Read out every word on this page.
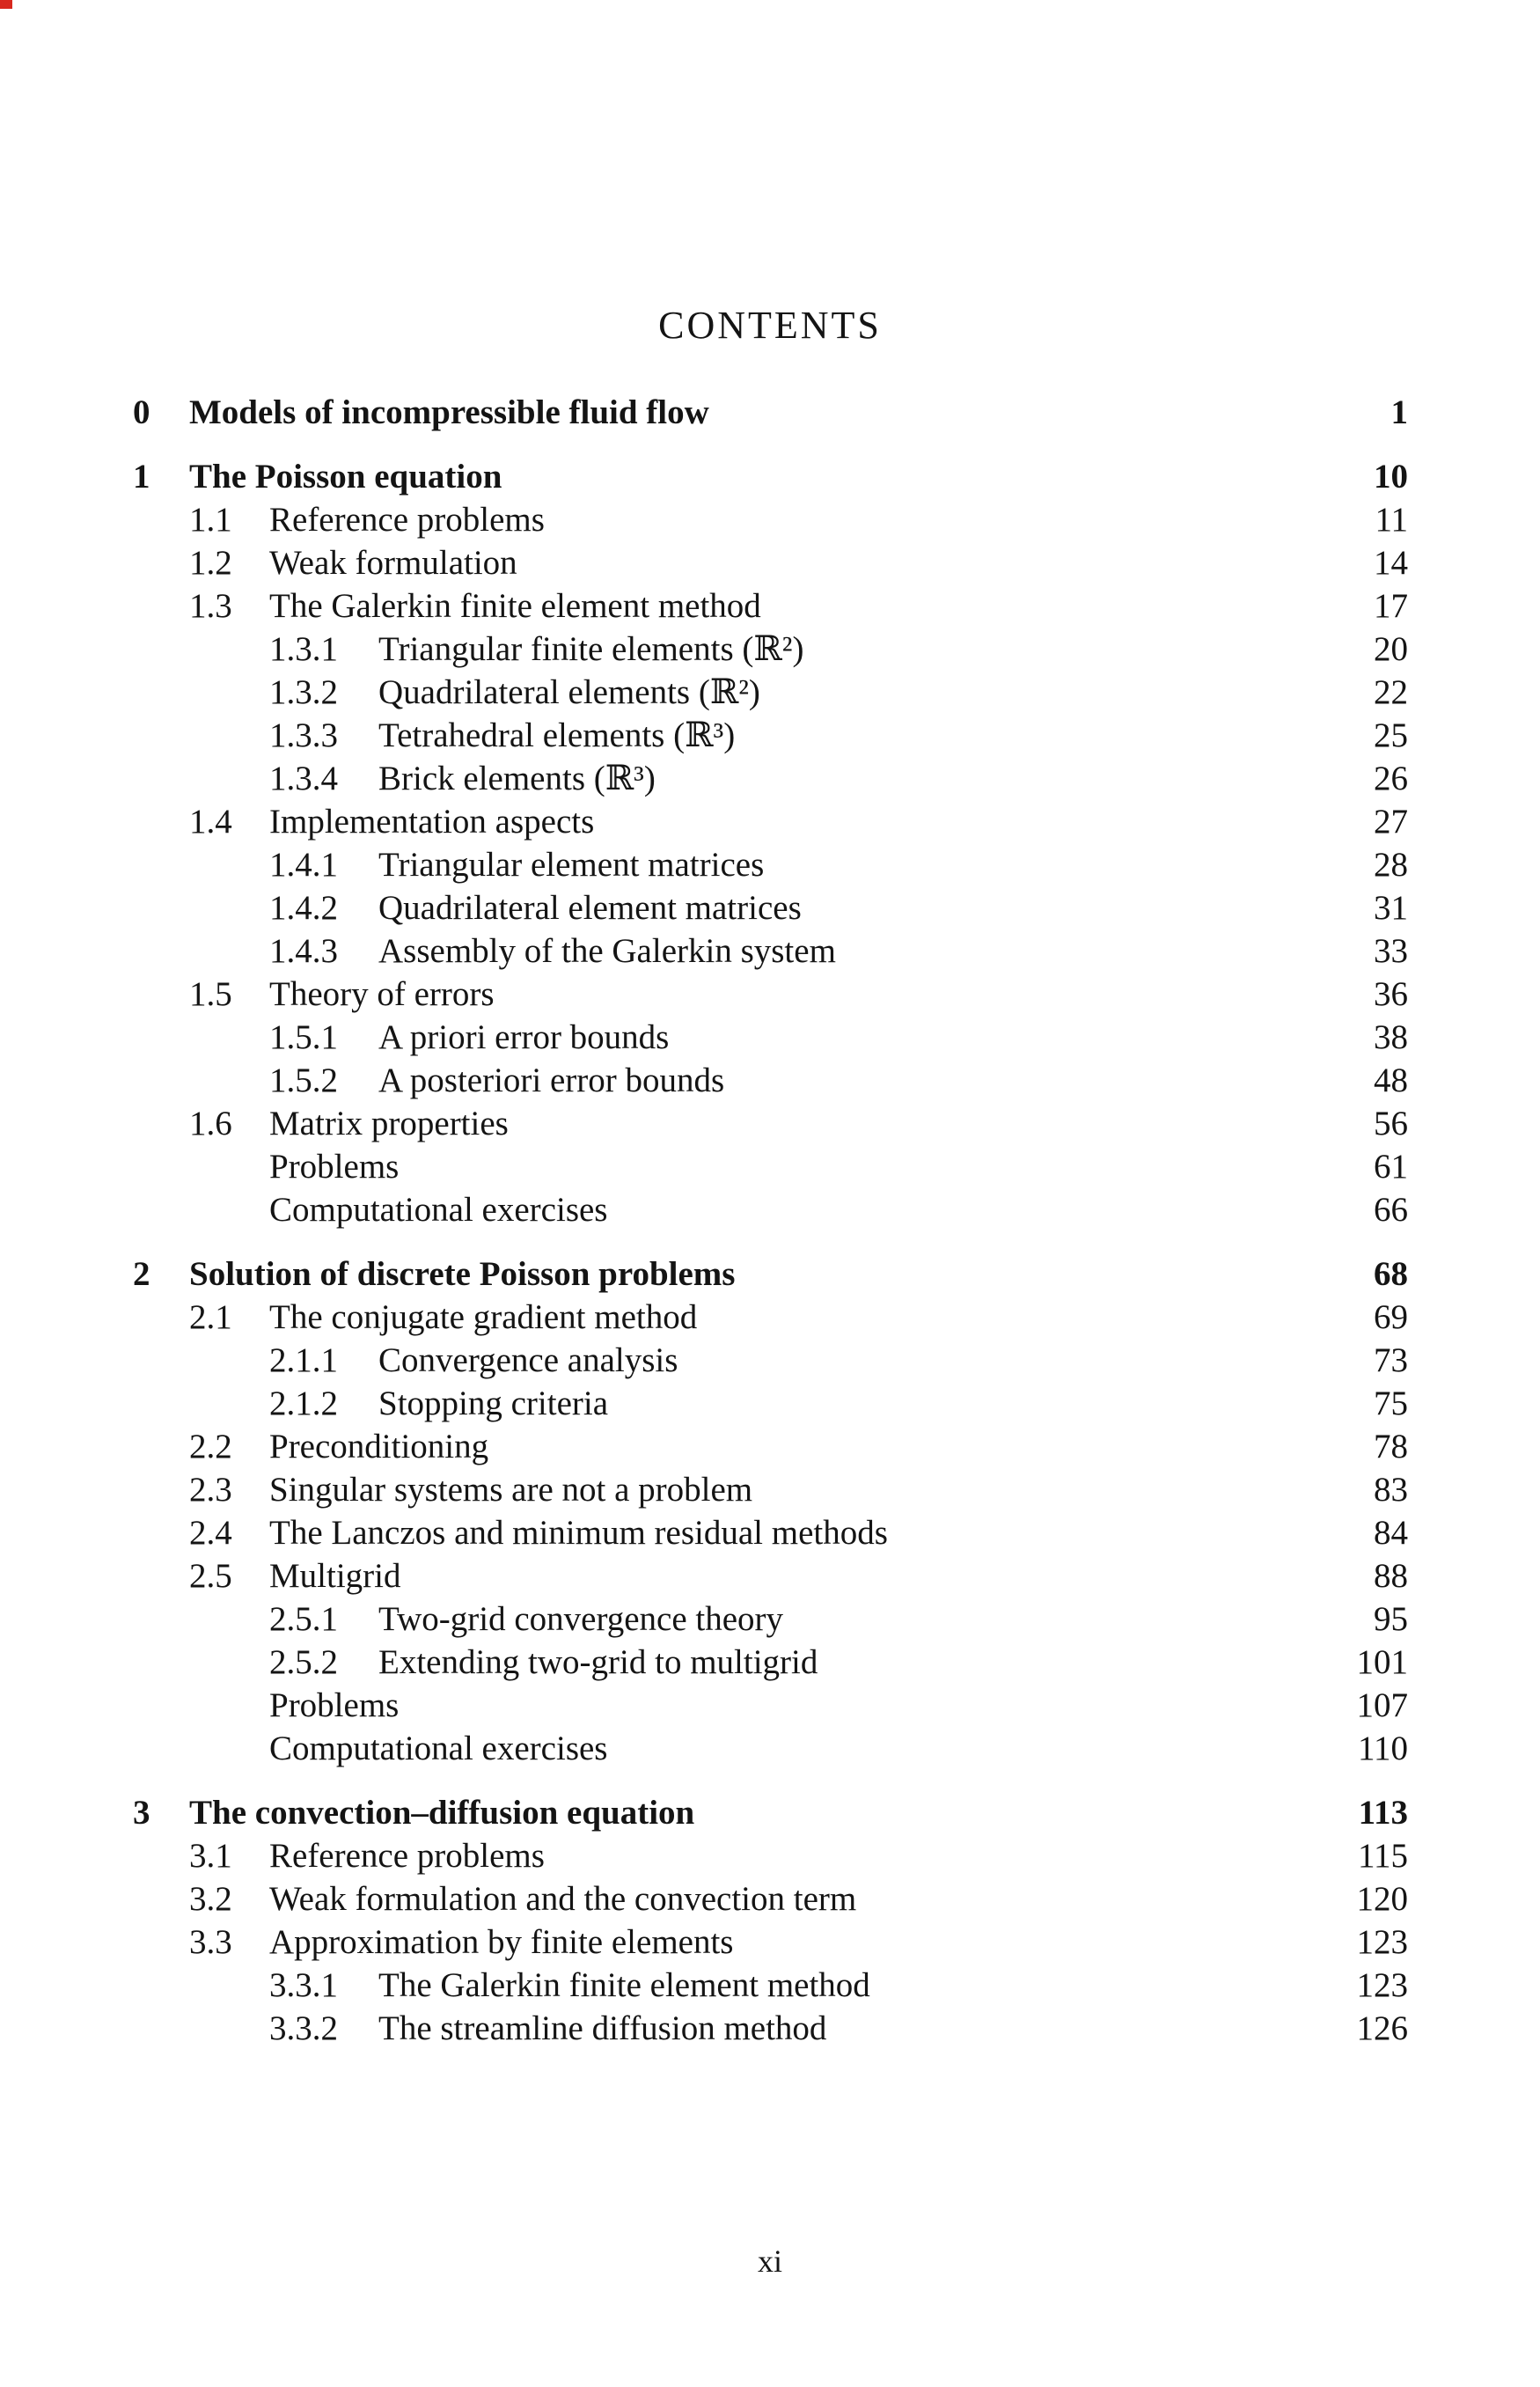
CONTENTS
0	Models of incompressible fluid flow	1
1	The Poisson equation	10
1.1	Reference problems	11
1.2	Weak formulation	14
1.3	The Galerkin finite element method	17
1.3.1	Triangular finite elements (ℝ²)	20
1.3.2	Quadrilateral elements (ℝ²)	22
1.3.3	Tetrahedral elements (ℝ³)	25
1.3.4	Brick elements (ℝ³)	26
1.4	Implementation aspects	27
1.4.1	Triangular element matrices	28
1.4.2	Quadrilateral element matrices	31
1.4.3	Assembly of the Galerkin system	33
1.5	Theory of errors	36
1.5.1	A priori error bounds	38
1.5.2	A posteriori error bounds	48
1.6	Matrix properties	56
Problems	61
Computational exercises	66
2	Solution of discrete Poisson problems	68
2.1	The conjugate gradient method	69
2.1.1	Convergence analysis	73
2.1.2	Stopping criteria	75
2.2	Preconditioning	78
2.3	Singular systems are not a problem	83
2.4	The Lanczos and minimum residual methods	84
2.5	Multigrid	88
2.5.1	Two-grid convergence theory	95
2.5.2	Extending two-grid to multigrid	101
Problems	107
Computational exercises	110
3	The convection–diffusion equation	113
3.1	Reference problems	115
3.2	Weak formulation and the convection term	120
3.3	Approximation by finite elements	123
3.3.1	The Galerkin finite element method	123
3.3.2	The streamline diffusion method	126
xi
